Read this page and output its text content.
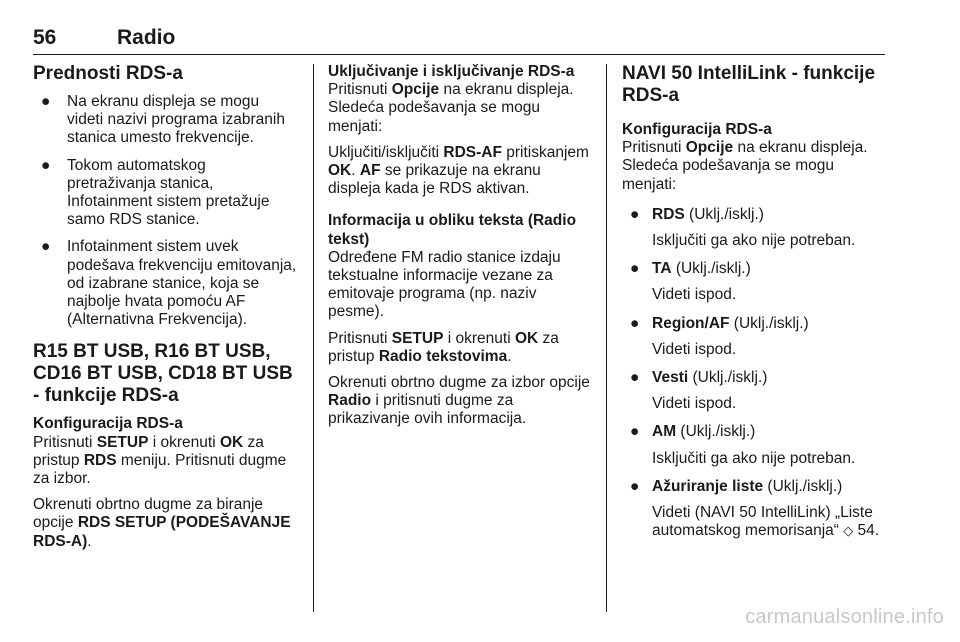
56	Radio
Prednosti RDS-a
● Na ekranu displeja se mogu videti nazivi programa izabranih stanica umesto frekvencije.
● Tokom automatskog pretraživanja stanica, Infotainment sistem pretažuje samo RDS stanice.
● Infotainment sistem uvek podešava frekvenciju emitovanja, od izabrane stanice, koja se najbolje hvata pomoću AF (Alternativna Frekvencija).
R15 BT USB, R16 BT USB, CD16 BT USB, CD18 BT USB - funkcije RDS-a
Konfiguracija RDS-a

Pritisnuti SETUP i okrenuti OK za pristup RDS meniju. Pritisnuti dugme za izbor.

Okrenuti obrtno dugme za biranje opcije RDS SETUP (PODEŠAVANJE RDS-A).

Uključivanje i isključivanje RDS-a

Pritisnuti Opcije na ekranu displeja. Sledeća podešavanja se mogu menjati:

Uključiti/isključiti RDS-AF pritiskanjem OK. AF se prikazuje na ekranu displeja kada je RDS aktivan.

Informacija u obliku teksta (Radio tekst)

Određene FM radio stanice izdaju tekstualne informacije vezane za emitovaje programa (np. naziv pesme).

Pritisnuti SETUP i okrenuti OK za pristup Radio tekstovima.

Okrenuti obrtno dugme za izbor opcije Radio i pritisnuti dugme za prikazivanje ovih informacija.

NAVI 50 IntelliLink - funkcije RDS-a
Konfiguracija RDS-a

Pritisnuti Opcije na ekranu displeja. Sledeća podešavanja se mogu menjati:

● RDS (Uklj./isklj.)
Isključiti ga ako nije potreban.
● TA (Uklj./isklj.)
Videti ispod.
● Region/AF (Uklj./isklj.)
Videti ispod.
● Vesti (Uklj./isklj.)
Videti ispod.
● AM (Uklj./isklj.)
Isključiti ga ako nije potreban.
● Ažuriranje liste (Uklj./isklj.)
Videti (NAVI 50 IntelliLink) „Liste automatskog memorisanja“ ◇ 54.
carmanualsonline.info
